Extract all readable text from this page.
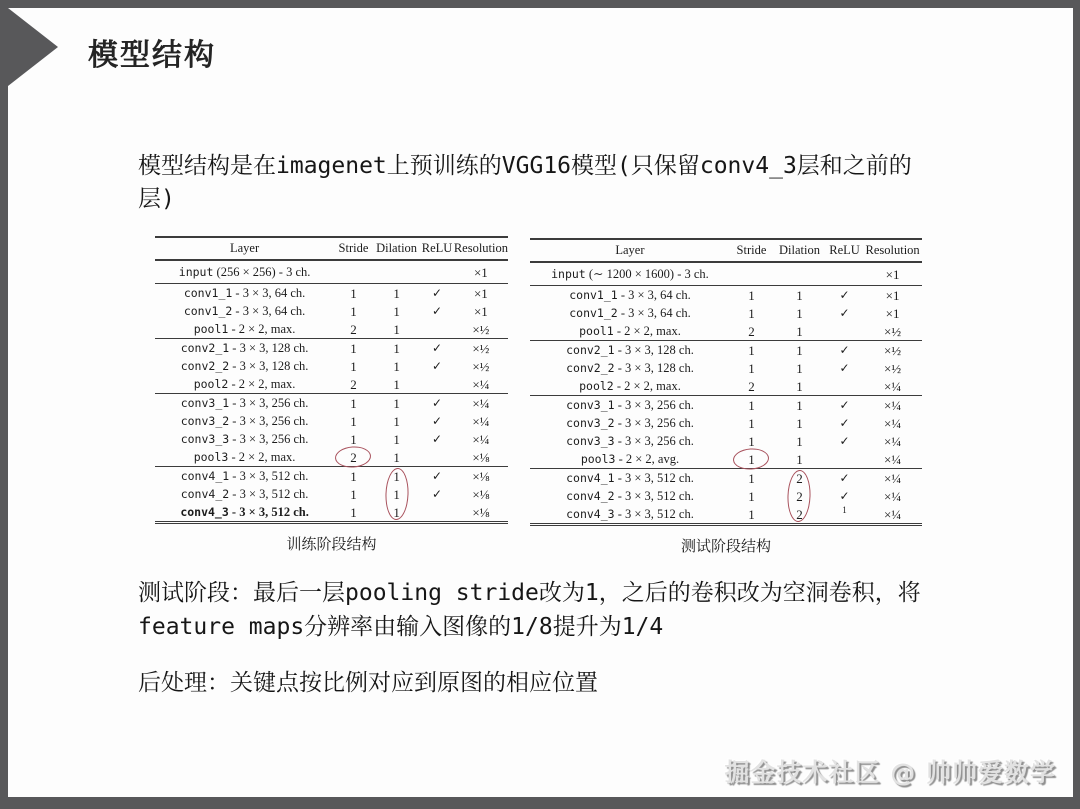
模型结构

模型结构是在imagenet上预训练的VGG16模型(只保留conv4_3层和之前的层)

Layer	Stride	Dilation	ReLU	Resolution
input (256 × 256) - 3 ch.				×1
conv1_1 - 3 × 3, 64 ch.	1	1	✓	×1
conv1_2 - 3 × 3, 64 ch.	1	1	✓	×1
pool1 - 2 × 2, max.	2	1		×½
conv2_1 - 3 × 3, 128 ch.	1	1	✓	×½
conv2_2 - 3 × 3, 128 ch.	1	1	✓	×½
pool2 - 2 × 2, max.	2	1		×¼
conv3_1 - 3 × 3, 256 ch.	1	1	✓	×¼
conv3_2 - 3 × 3, 256 ch.	1	1	✓	×¼
conv3_3 - 3 × 3, 256 ch.	1	1	✓	×¼
pool3 - 2 × 2, max.	2	1		×⅛
conv4_1 - 3 × 3, 512 ch.	1	1	✓	×⅛
conv4_2 - 3 × 3, 512 ch.	1	1	✓	×⅛
conv4_3 - 3 × 3, 512 ch.	1	1		×⅛
训练阶段结构
Layer	Stride	Dilation	ReLU	Resolution
input (∼ 1200 × 1600) - 3 ch.				×1
conv1_1 - 3 × 3, 64 ch.	1	1	✓	×1
conv1_2 - 3 × 3, 64 ch.	1	1	✓	×1
pool1 - 2 × 2, max.	2	1		×½
conv2_1 - 3 × 3, 128 ch.	1	1	✓	×½
conv2_2 - 3 × 3, 128 ch.	1	1	✓	×½
pool2 - 2 × 2, max.	2	1		×¼
conv3_1 - 3 × 3, 256 ch.	1	1	✓	×¼
conv3_2 - 3 × 3, 256 ch.	1	1	✓	×¼
conv3_3 - 3 × 3, 256 ch.	1	1	✓	×¼
pool3 - 2 × 2, avg.	1	1		×¼
conv4_1 - 3 × 3, 512 ch.	1	2	✓	×¼
conv4_2 - 3 × 3, 512 ch.	1	2	✓	×¼
conv4_3 - 3 × 3, 512 ch.	1	2	$^1$	×¼
测试阶段结构

测试阶段：最后一层pooling stride改为1，之后的卷积改为空洞卷积，将feature maps分辨率由输入图像的1/8提升为1/4

后处理：关键点按比例对应到原图的相应位置

掘金技术社区 @ 帅帅爱数学
